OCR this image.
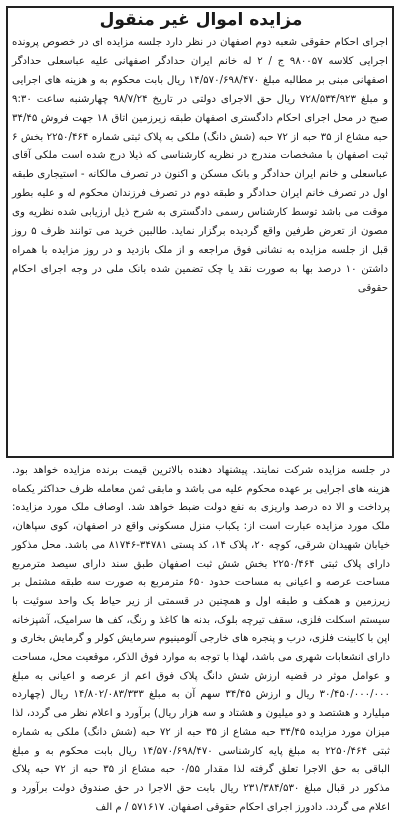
مزایده اموال غیر منقول

اجرای احکام حقوقی شعبه دوم اصفهان در نظر دارد جلسه مزایده ای در خصوص پرونده اجرایی کلاسه ۹۸۰۰۵۷ ج / ۲ له خانم ایران حدادگر اصفهانی علیه عباسعلی حدادگر اصفهانی مبنی بر مطالبه مبلغ ۱۴/۵۷۰/۶۹۸/۴۷۰ ریال بابت محکوم به و هزینه های اجرایی و مبلغ ۷۲۸/۵۳۴/۹۲۳ ریال حق الاجرای دولتی در تاریخ ۹۸/۷/۲۴ چهارشنبه ساعت ۹:۳۰ صبح در محل اجرای احکام دادگستری اصفهان طبقه زیرزمین اتاق ۱۸ جهت فروش ۳۴/۴۵ حبه مشاع از ۳۵ حبه از ۷۲ حبه (شش دانگ) ملکی به پلاک ثبتی شماره ۲۲۵۰/۴۶۴ بخش ۶ ثبت اصفهان با مشخصات مندرج در نظریه کارشناسی که ذیلا درج شده است ملکی آقای عباسعلی و خانم ایران حدادگر و بانک مسکن و اکنون در تصرف مالکانه - استیجاری طبقه اول در تصرف خانم ایران حدادگر و طبقه دوم در تصرف فرزندان محکوم له و علیه بطور موقت می باشد توسط کارشناس رسمی دادگستری به شرح ذیل ارزیابی شده نظریه وی مصون از تعرض طرفین واقع گردیده برگزار نماید. طالبین خرید می توانند ظرف ۵ روز قبل از جلسه مزایده به نشانی فوق مراجعه و از ملک بازدید و در روز مزایده با همراه داشتن ۱۰ درصد بها به صورت نقد یا چک تضمین شده بانک ملی در وجه اجرای احکام حقوقی

در جلسه مزایده شرکت نمایند. پیشنهاد دهنده بالاترین قیمت برنده مزایده خواهد بود. هزینه های اجرایی بر عهده محکوم علیه می باشد و مابقی ثمن معامله ظرف حداکثر یکماه پرداخت و الا ده درصد واریزی به نفع دولت ضبط خواهد شد. اوصاف ملک مورد مزایده: ملک مورد مزایده عبارت است از: یکباب منزل مسکونی واقع در اصفهان، کوی سپاهان، خیابان شهیدان شرقی، کوچه ۲۰، پلاک ۱۴، کد پستی ۳۴۷۸۱-۸۱۷۴۶ می باشد. محل مذکور دارای پلاک ثبتی ۲۲۵۰/۴۶۴ بخش شش ثبت اصفهان طبق سند دارای سیصد مترمربع مساحت عرصه و اعیانی به مساحت حدود ۶۵۰ مترمربع به صورت سه طبقه مشتمل بر زیرزمین و همکف و طبقه اول و همچنین در قسمتی از زیر حیاط یک واحد سوئیت با سیستم اسکلت فلزی، سقف تیرچه بلوک، بدنه ها کاغذ و رنگ، کف ها سرامیک، آشپزخانه اپن با کابینت فلزی، درب و پنجره های خارجی آلومینیوم سرمایش کولر و گرمایش بخاری و دارای انشعابات شهری می باشد، لهذا با توجه به موارد فوق الذکر، موقعیت محل، مساحت و عوامل موثر در قضیه ارزش شش دانگ پلاک فوق اعم از عرصه و اعیانی به مبلغ ۳۰/۴۵۰/۰۰۰/۰۰۰ ریال و ارزش ۳۴/۴۵ سهم آن به مبلغ ۱۴/۸۰۲/۰۸۳/۳۳۳ ریال (چهارده میلیارد و هشتصد و دو میلیون و هشتاد و سه هزار ریال) برآورد و اعلام نظر می گردد، لذا میزان مورد مزایده ۳۴/۴۵ حبه مشاع از ۳۵ حبه از ۷۲ حبه (شش دانگ) ملکی به شماره ثبتی ۲۲۵۰/۴۶۴ به مبلغ پایه کارشناسی ۱۴/۵۷۰/۶۹۸/۴۷۰ ریال بابت محکوم به و مبلغ الباقی به حق الاجرا تعلق گرفته لذا مقدار ۰/۵۵ حبه مشاع از ۳۵ حبه از ۷۲ حبه پلاک مذکور در قبال مبلغ ۲۳۱/۳۸۴/۵۳۰ ریال بابت حق الاجرا در حق صندوق دولت برآورد و اعلام می گردد. دادورز اجرای احکام حقوقی اصفهان. ۵۷۱۶۱۷ / م الف
